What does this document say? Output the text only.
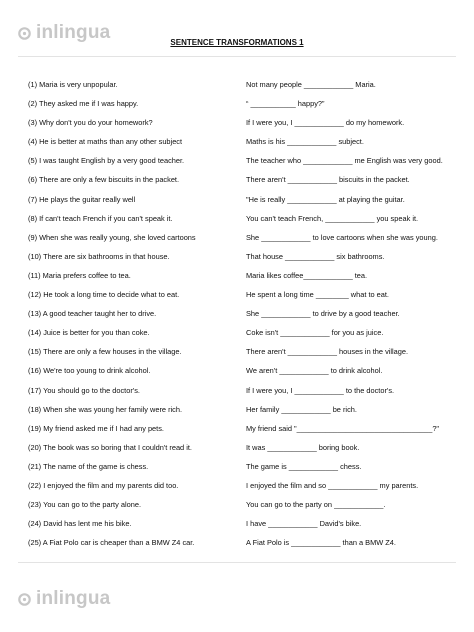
inlingua	SENTENCE TRANSFORMATIONS 1
(1) Maria is very unpopular.	Not many people ____________ Maria.
(2) They asked me if I was happy.	“ ___________ happy?”
(3) Why don't you do your homework?	If I were you, I ____________ do my homework.
(4) He is better at maths than any other subject	Maths is his ____________ subject.
(5) I was taught English by a very good teacher.	The teacher who ____________ me English was very good.
(6) There are only a few biscuits in the packet.	There aren't ____________ biscuits in the packet.
(7) He plays the guitar really well	"He is really ____________ at playing the guitar.
(8) If can't teach French if you can't speak it.	You can't teach French, ____________ you speak it.
(9) When she was really young, she loved cartoons	She ____________ to love cartoons when she was young.
(10) There are six bathrooms in that house.	That house ____________ six bathrooms.
(11) Maria prefers coffee to tea.	Maria likes coffee____________ tea.
(12) He took a long time to decide what to eat.	He spent a long time ________ what to eat.
(13) A good teacher taught her to drive.	She ____________ to drive by a good teacher.
(14) Juice is better for you than coke.	Coke isn't ____________ for you as juice.
(15) There are only a few houses in the village.	There aren't ____________ houses in the village.
(16) We're too young to drink alcohol.	We aren't ____________ to drink alcohol.
(17) You should go to the doctor's.	If I were you, I ____________ to the doctor's.
(18) When she was young her family were rich.	Her family ____________ be rich.
(19) My friend asked me if I had any pets.	My friend said "_________________________________?"
(20) The book was so boring that I couldn't read it.	It was ____________ boring book.
(21) The name of the game is chess.	The game is ____________ chess.
(22) I enjoyed the film and my parents did too.	I enjoyed the film and so ____________ my parents.
(23) You can go to the party alone.	You can go to the party on ____________.
(24) David has lent me his bike.	I have ____________ David's bike.
(25) A Fiat Polo car is cheaper than a BMW Z4 car.	A Fiat Polo is ____________ than a BMW Z4.
inlingua
